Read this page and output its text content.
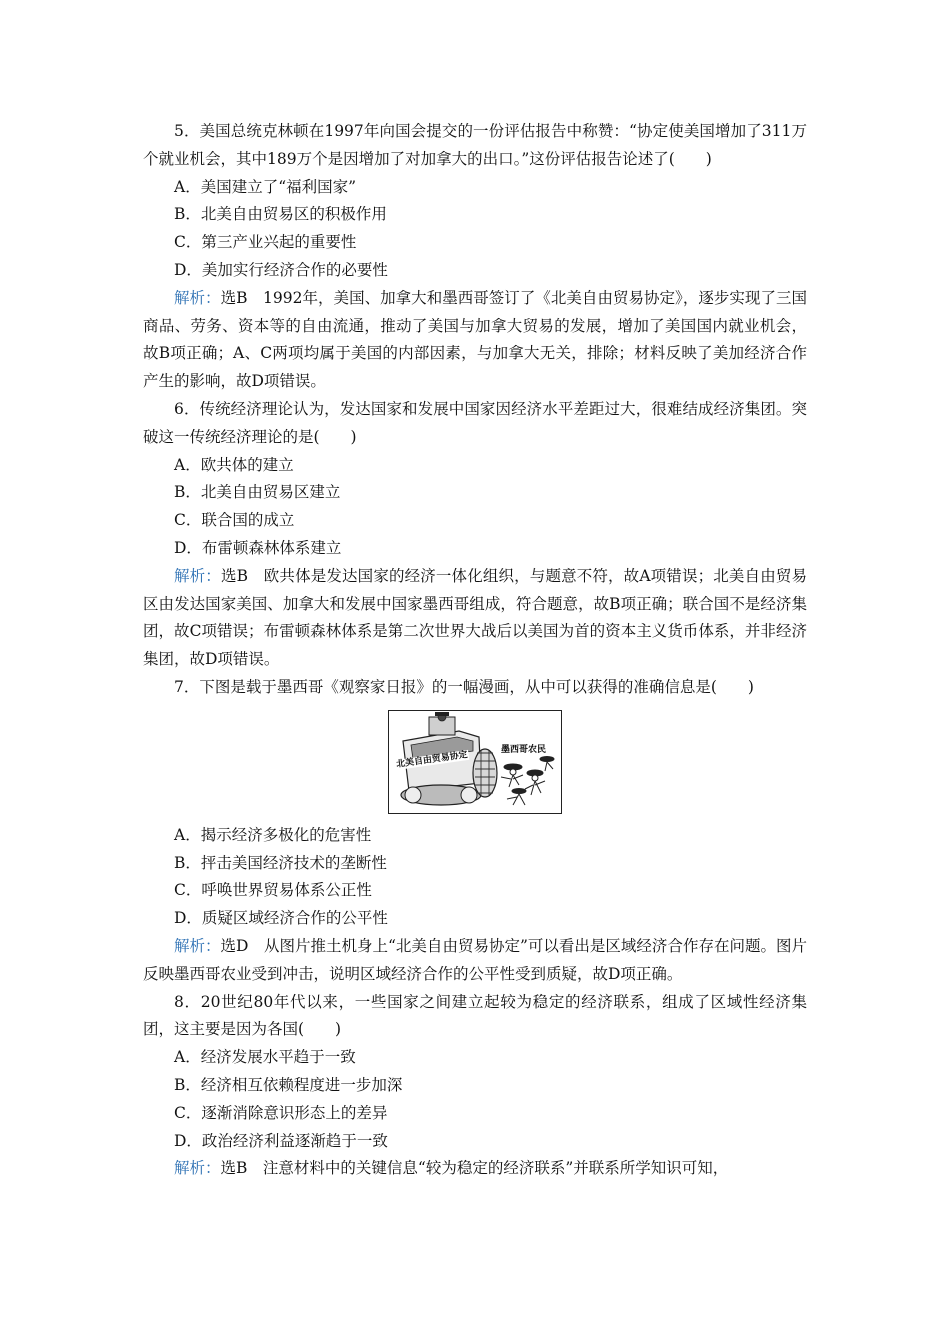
5．美国总统克林顿在1997年向国会提交的一份评估报告中称赞：“协定使美国增加了311万个就业机会，其中189万个是因增加了对加拿大的出口。”这份评估报告论述了(　　)

A．美国建立了“福利国家”

B．北美自由贸易区的积极作用

C．第三产业兴起的重要性

D．美加实行经济合作的必要性

解析：选B　1992年，美国、加拿大和墨西哥签订了《北美自由贸易协定》，逐步实现了三国商品、劳务、资本等的自由流通，推动了美国与加拿大贸易的发展，增加了美国国内就业机会，故B项正确；A、C两项均属于美国的内部因素，与加拿大无关，排除；材料反映了美加经济合作产生的影响，故D项错误。

6．传统经济理论认为，发达国家和发展中国家因经济水平差距过大，很难结成经济集团。突破这一传统经济理论的是(　　)

A．欧共体的建立

B．北美自由贸易区建立

C．联合国的成立

D．布雷顿森林体系建立

解析：选B　欧共体是发达国家的经济一体化组织，与题意不符，故A项错误；北美自由贸易区由发达国家美国、加拿大和发展中国家墨西哥组成，符合题意，故B项正确；联合国不是经济集团，故C项错误；布雷顿森林体系是第二次世界大战后以美国为首的资本主义货币体系，并非经济集团，故D项错误。

7．下图是载于墨西哥《观察家日报》的一幅漫画，从中可以获得的准确信息是(　　)

北美自由贸易协定
墨西哥农民

A．揭示经济多极化的危害性

B．抨击美国经济技术的垄断性

C．呼唤世界贸易体系公正性

D．质疑区域经济合作的公平性

解析：选D　从图片推土机身上“北美自由贸易协定”可以看出是区域经济合作存在问题。图片反映墨西哥农业受到冲击，说明区域经济合作的公平性受到质疑，故D项正确。

8．20世纪80年代以来，一些国家之间建立起较为稳定的经济联系，组成了区域性经济集团，这主要是因为各国(　　)

A．经济发展水平趋于一致

B．经济相互依赖程度进一步加深

C．逐渐消除意识形态上的差异

D．政治经济利益逐渐趋于一致

解析：选B　注意材料中的关键信息“较为稳定的经济联系”并联系所学知识可知，
